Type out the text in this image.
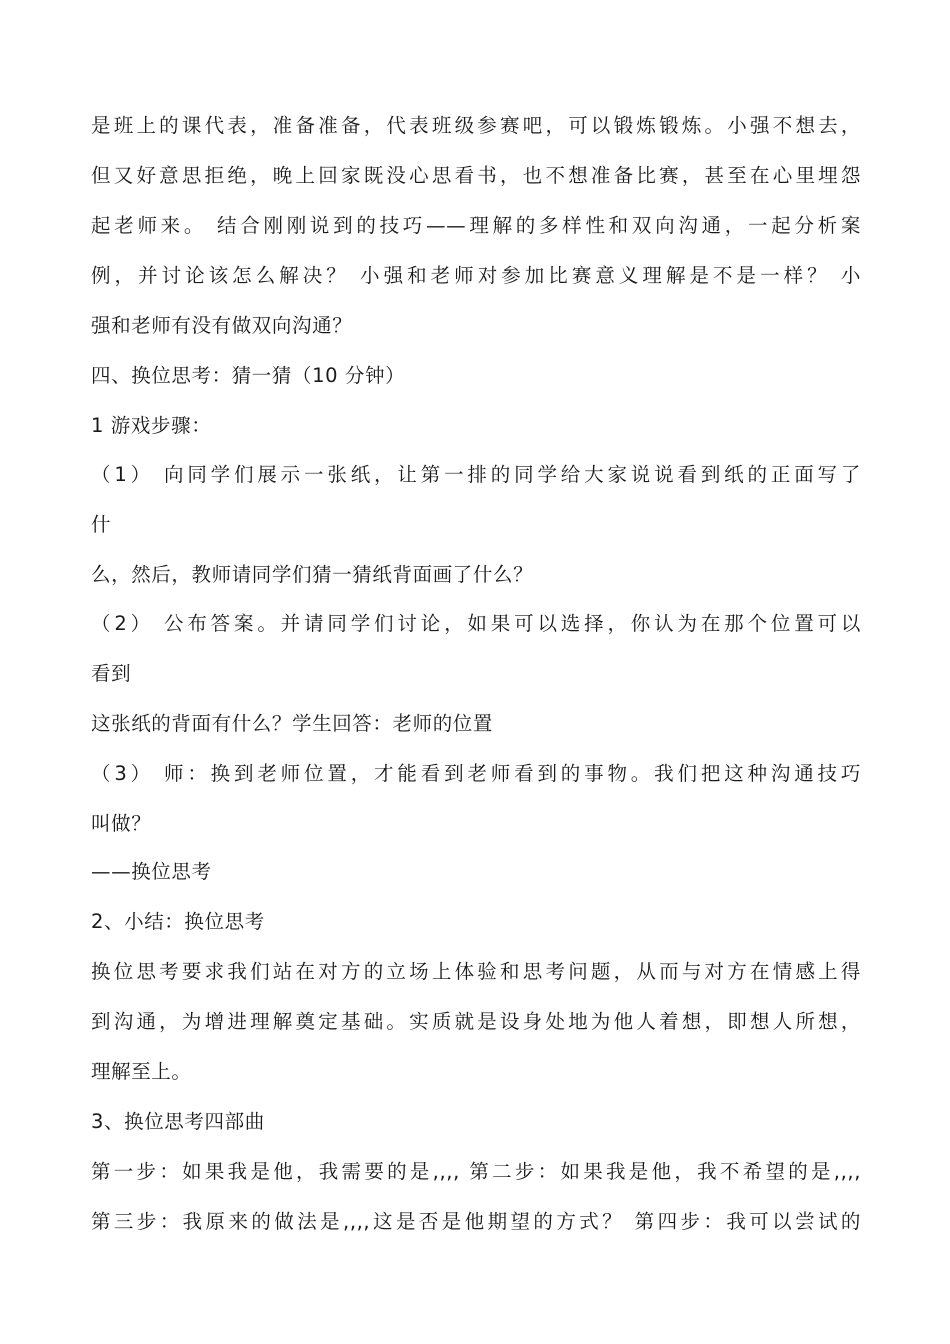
是班上的课代表，准备准备，代表班级参赛吧，可以锻炼锻炼。小强不想去，
但又好意思拒绝，晚上回家既没心思看书，也不想准备比赛，甚至在心里埋怨
起老师来。 结合刚刚说到的技巧——理解的多样性和双向沟通，一起分析案
例，并讨论该怎么解决？ 小强和老师对参加比赛意义理解是不是一样？ 小
强和老师有没有做双向沟通？
四、换位思考：猜一猜（10 分钟）
1 游戏步骤：
（1） 向同学们展示一张纸，让第一排的同学给大家说说看到纸的正面写了
什
么，然后，教师请同学们猜一猜纸背面画了什么？
（2） 公布答案。并请同学们讨论，如果可以选择，你认为在那个位置可以
看到
这张纸的背面有什么？学生回答：老师的位置
（3） 师：换到老师位置，才能看到老师看到的事物。我们把这种沟通技巧
叫做？
——换位思考
2、小结：换位思考
换位思考要求我们站在对方的立场上体验和思考问题，从而与对方在情感上得
到沟通，为增进理解奠定基础。实质就是设身处地为他人着想，即想人所想，
理解至上。
3、换位思考四部曲
第一步：如果我是他，我需要的是,,,, 第二步：如果我是他，我不希望的是,,,,
第三步：我原来的做法是,,,,这是否是他期望的方式？ 第四步：我可以尝试的
